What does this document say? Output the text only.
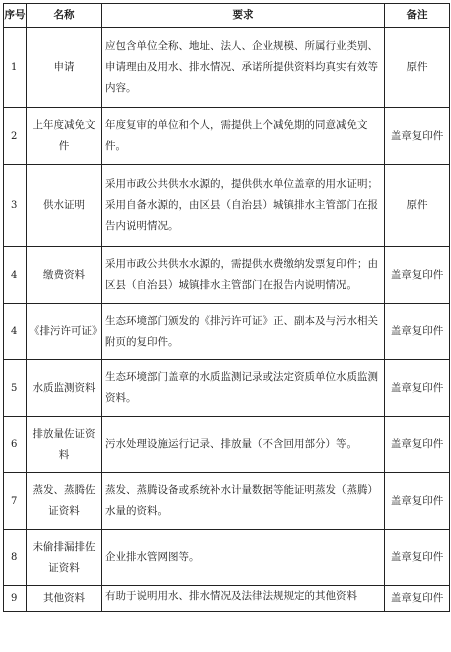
序号	名称	要求	备注
1	申请	应包含单位全称、地址、法人、企业规模、所属行业类别、申请理由及用水、排水情况、承诺所提供资料均真实有效等内容。	原件
2	上年度减免文件	年度复审的单位和个人，需提供上个减免期的同意减免文件。	盖章复印件
3	供水证明	采用市政公共供水水源的，提供供水单位盖章的用水证明；采用自备水源的，由区县（自治县）城镇排水主管部门在报告内说明情况。	原件
4	缴费资料	采用市政公共供水水源的，需提供水费缴纳发票复印件；由区县（自治县）城镇排水主管部门在报告内说明情况。	盖章复印件
4	《排污许可证》	生态环境部门颁发的《排污许可证》正、副本及与污水相关附页的复印件。	盖章复印件
5	水质监测资料	生态环境部门盖章的水质监测记录或法定资质单位水质监测资料。	盖章复印件
6	排放量佐证资料	污水处理设施运行记录、排放量（不含回用部分）等。	盖章复印件
7	蒸发、蒸腾佐证资料	蒸发、蒸腾设备或系统补水计量数据等能证明蒸发（蒸腾）水量的资料。	盖章复印件
8	未偷排漏排佐证资料	企业排水管网图等。	盖章复印件
9	其他资料	有助于说明用水、排水情况及法律法规规定的其他资料	盖章复印件
